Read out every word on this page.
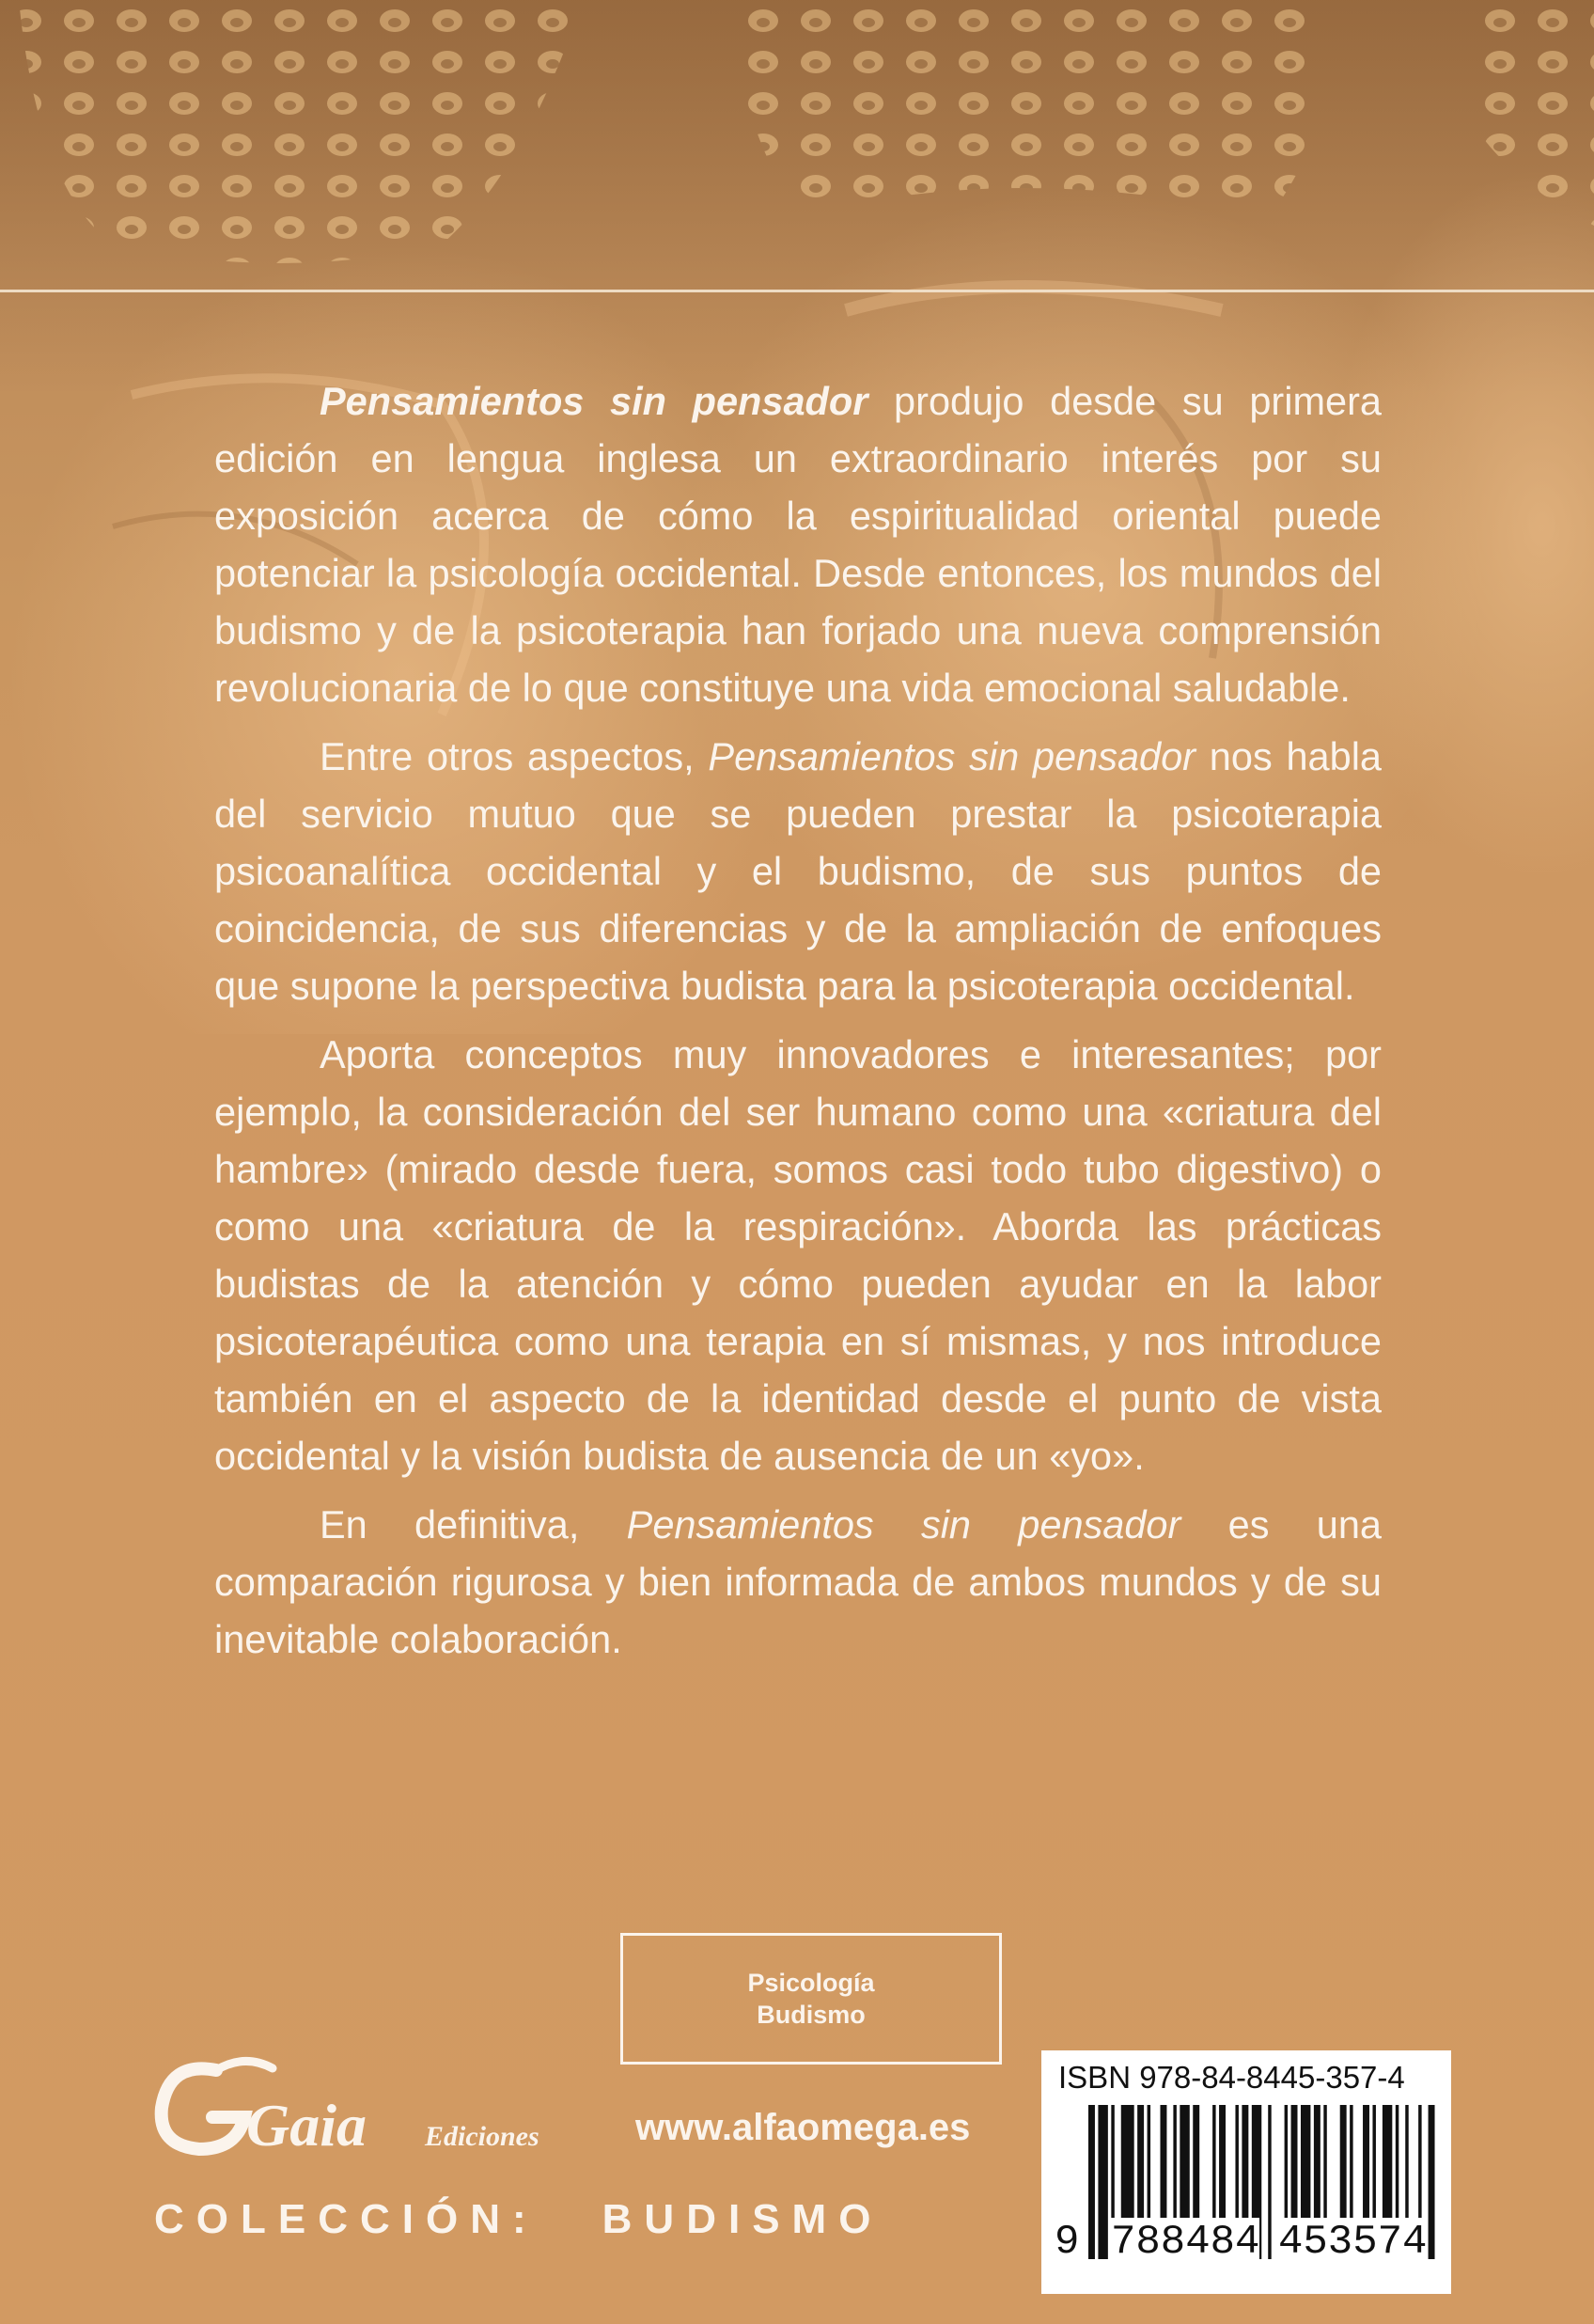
Pensamientos sin pensador produjo desde su primera edición en lengua inglesa un extraordinario interés por su exposición acerca de cómo la espiritualidad oriental puede potenciar la psicología occidental. Desde entonces, los mundos del budismo y de la psicoterapia han forjado una nueva comprensión revolucionaria de lo que constituye una vida emocional saludable.

Entre otros aspectos, Pensamientos sin pensador nos habla del servicio mutuo que se pueden prestar la psicoterapia psicoanalítica occidental y el budismo, de sus puntos de coincidencia, de sus diferencias y de la ampliación de enfoques que supone la perspectiva budista para la psicoterapia occidental.

Aporta conceptos muy innovadores e interesantes; por ejemplo, la consideración del ser humano como una «criatura del hambre» (mirado desde fuera, somos casi todo tubo digestivo) o como una «criatura de la respiración». Aborda las prácticas budistas de la atención y cómo pueden ayudar en la labor psicoterapéutica como una terapia en sí mismas, y nos introduce también en el aspecto de la identidad desde el punto de vista occidental y la visión budista de ausencia de un «yo».

En definitiva, Pensamientos sin pensador es una comparación rigurosa y bien informada de ambos mundos y de su inevitable colaboración.

Psicología
Budismo
Gaia Ediciones	www.alfaomega.es
COLECCIÓN: BUDISMO
ISBN 978-84-8445-357-4
9 788484 453574
